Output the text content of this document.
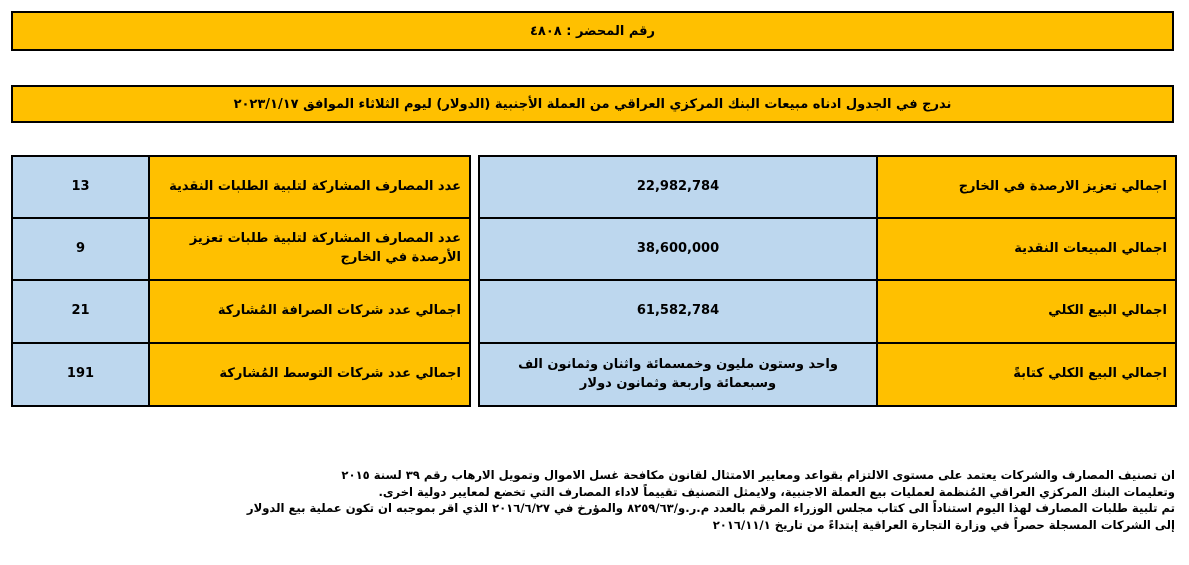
رقم المحضر : ٤٨٠٨
ندرج في الجدول ادناه مبيعات البنك المركزي العراقي من العملة الأجنبية (الدولار) ليوم الثلاثاء الموافق ٢٠٢٣/١/١٧
13	عدد المصارف المشاركة لتلبية الطلبات النقدية
9	عدد المصارف المشاركة لتلبية طلبات تعزيز الأرصدة في الخارج
21	اجمالي عدد شركات الصرافة المُشاركة
191	اجمالي عدد شركات التوسط المُشاركة
22,982,784	اجمالي تعزيز الارصدة في الخارج
38,600,000	اجمالي المبيعات النقدية
61,582,784	اجمالي البيع الكلي
واحد وستون مليون وخمسمائة واثنان وثمانون الف وسبعمائة واربعة وثمانون دولار	اجمالي البيع الكلي كتابةً

ان تصنيف المصارف والشركات يعتمد على مستوى الالتزام بقواعد ومعايير الامتثال لقانون مكافحة غسل الاموال وتمويل الارهاب رقم ٣٩ لسنة ٢٠١٥

وتعليمات البنك المركزي العراقي المُنظمة لعمليات بيع العملة الاجنبية، ولايمثل التصنيف تقييماً لاداء المصارف التي تخضع لمعايير دولية اخرى.

تم تلبية طلبات المصارف لهذا اليوم استناداً الى كتاب مجلس الوزراء المرقم بالعدد م.ر.و/٨٢٥٩/٦٣ والمؤرخ في ٢٠١٦/٦/٢٧ الذي اقر بموجبه ان تكون عملية بيع الدولار

إلى الشركات المسجلة حصراً في وزارة التجارة العراقية إبتداءً من تاريخ ٢٠١٦/١١/١
